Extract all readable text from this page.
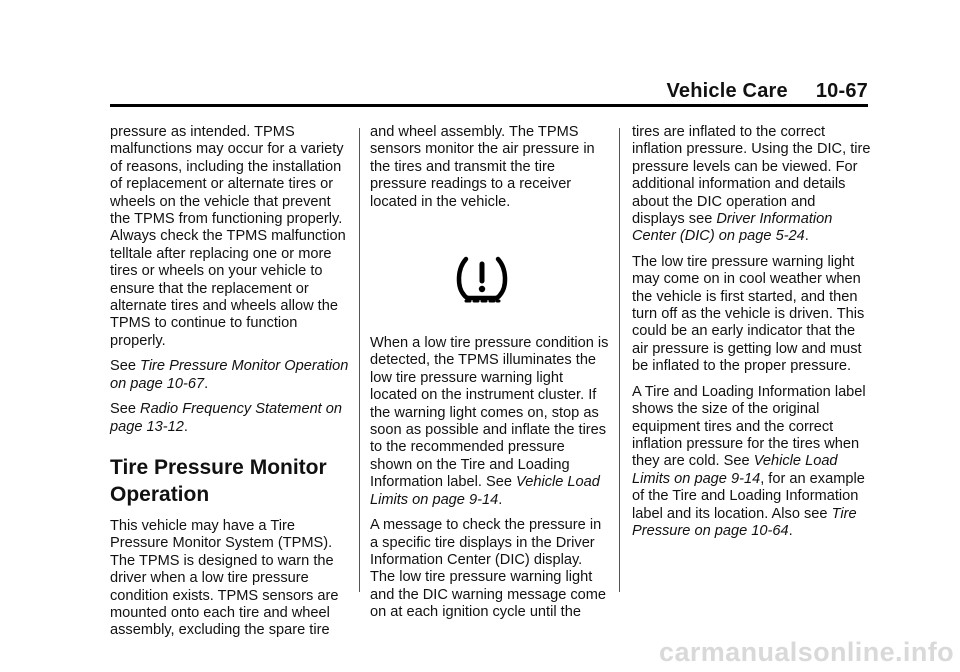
Vehicle Care 10-67

pressure as intended. TPMS malfunctions may occur for a variety of reasons, including the installation of replacement or alternate tires or wheels on the vehicle that prevent the TPMS from functioning properly. Always check the TPMS malfunction telltale after replacing one or more tires or wheels on your vehicle to ensure that the replacement or alternate tires and wheels allow the TPMS to continue to function properly.

See Tire Pressure Monitor Operation on page 10-67.

See Radio Frequency Statement on page 13-12.

Tire Pressure Monitor Operation

This vehicle may have a Tire Pressure Monitor System (TPMS). The TPMS is designed to warn the driver when a low tire pressure condition exists. TPMS sensors are mounted onto each tire and wheel assembly, excluding the spare tire

and wheel assembly. The TPMS sensors monitor the air pressure in the tires and transmit the tire pressure readings to a receiver located in the vehicle.

When a low tire pressure condition is detected, the TPMS illuminates the low tire pressure warning light located on the instrument cluster. If the warning light comes on, stop as soon as possible and inflate the tires to the recommended pressure shown on the Tire and Loading Information label. See Vehicle Load Limits on page 9-14.

A message to check the pressure in a specific tire displays in the Driver Information Center (DIC) display. The low tire pressure warning light and the DIC warning message come on at each ignition cycle until the

tires are inflated to the correct inflation pressure. Using the DIC, tire pressure levels can be viewed. For additional information and details about the DIC operation and displays see Driver Information Center (DIC) on page 5-24.

The low tire pressure warning light may come on in cool weather when the vehicle is first started, and then turn off as the vehicle is driven. This could be an early indicator that the air pressure is getting low and must be inflated to the proper pressure.

A Tire and Loading Information label shows the size of the original equipment tires and the correct inflation pressure for the tires when they are cold. See Vehicle Load Limits on page 9-14, for an example of the Tire and Loading Information label and its location. Also see Tire Pressure on page 10-64.

carmanualsonline.info
